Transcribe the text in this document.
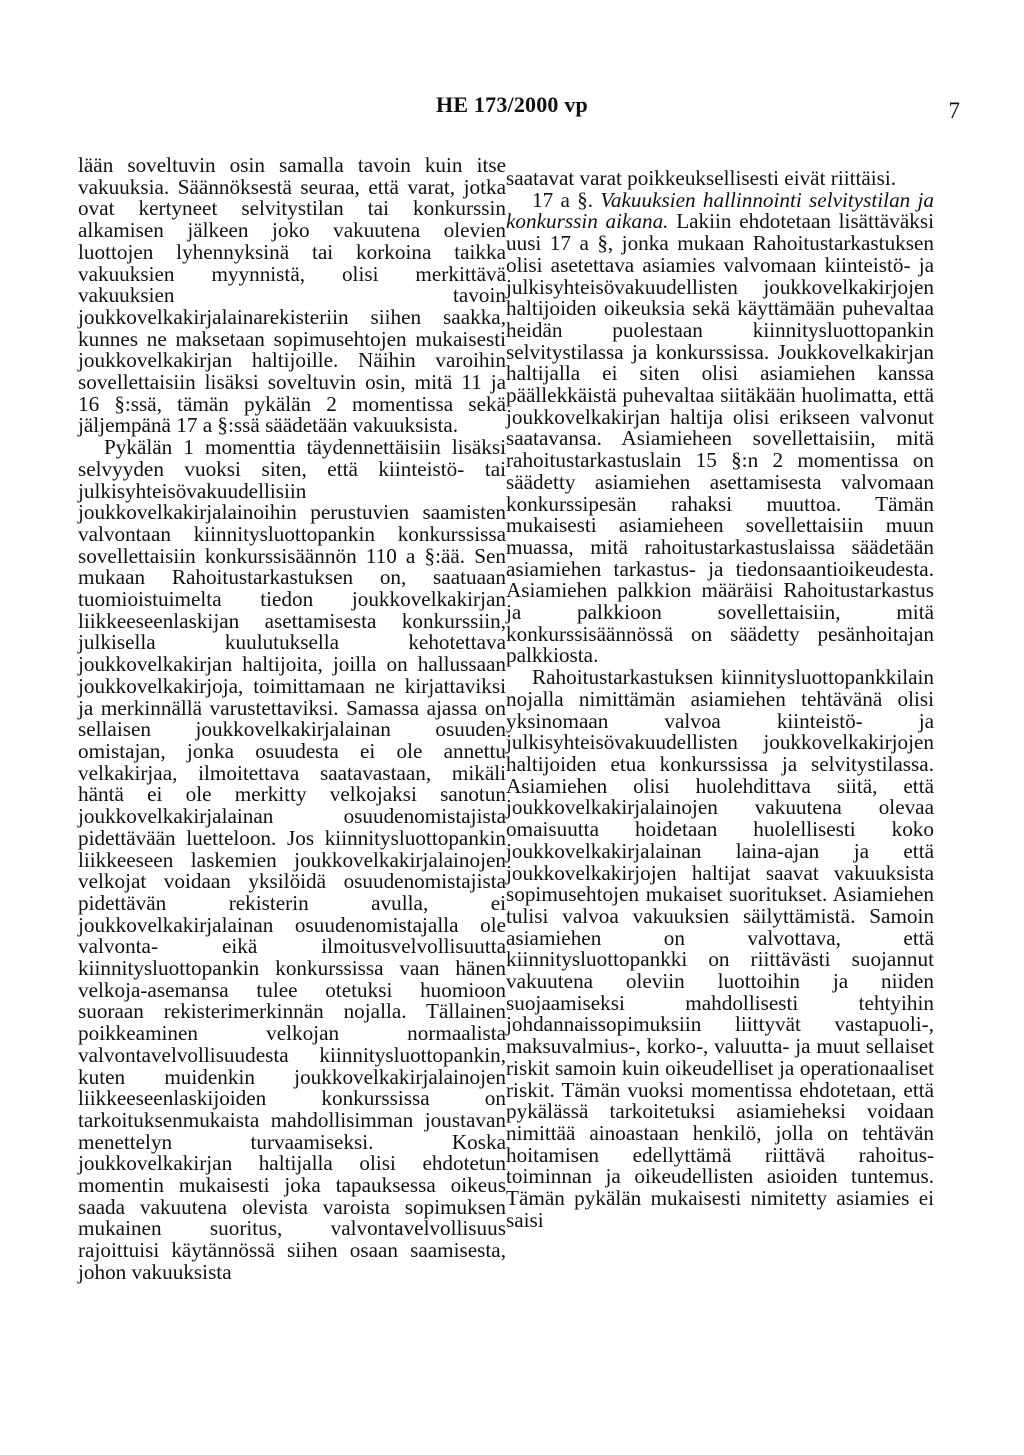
HE 173/2000 vp	7

lään soveltuvin osin samalla tavoin kuin itse vakuuksia. Säännöksestä seuraa, että varat, jotka ovat kertyneet selvitystilan tai konkurssin alkamisen jälkeen joko vakuutena olevien luottojen lyhennyksinä tai korkoina taikka vakuuksien myynnistä, olisi merkittävä vakuuksien tavoin joukkovelkakirjalainarekisteriin siihen saakka, kunnes ne maksetaan sopimusehtojen mukaisesti joukkovelkakirjan haltijoille. Näihin varoihin sovellettaisiin lisäksi soveltuvin osin, mitä 11 ja 16 §:ssä, tämän pykälän 2 momentissa sekä jäljempänä 17 a §:ssä säädetään vakuuksista.

Pykälän 1 momenttia täydennettäisiin lisäksi selvyyden vuoksi siten, että kiinteistö- tai julkisyhteisövakuudellisiin joukkovelkakirjalainoihin perustuvien saamisten valvontaan kiinnitysluottopankin konkurssissa sovellettaisiin konkurssisäännön 110 a §:ää. Sen mukaan Rahoitustarkastuksen on, saatuaan tuomioistuimelta tiedon joukkovelkakirjan liikkeeseenlaskijan asettamisesta konkurssiin, julkisella kuulutuksella kehotettava joukkovelkakirjan haltijoita, joilla on hallussaan joukkovelkakirjoja, toimittamaan ne kirjattaviksi ja merkinnällä varustettaviksi. Samassa ajassa on sellaisen joukkovelkakirjalainan osuuden omistajan, jonka osuudesta ei ole annettu velkakirjaa, ilmoitettava saatavastaan, mikäli häntä ei ole merkitty velkojaksi sanotun joukkovelkakirjalainan osuudenomistajista pidettävään luetteloon. Jos kiinnitysluottopankin liikkeeseen laskemien joukkovelkakirjalainojen velkojat voidaan yksilöidä osuudenomistajista pidettävän rekisterin avulla, ei joukkovelkakirjalainan osuudenomistajalla ole valvonta- eikä ilmoitusvelvollisuutta kiinnitysluottopankin konkurssissa vaan hänen velkoja-asemansa tulee otetuksi huomioon suoraan rekisterimerkinnän nojalla. Tällainen poikkeaminen velkojan normaalista valvontavelvollisuudesta kiinnitysluottopankin, kuten muidenkin joukkovelkakirjalainojen liikkeeseenlaskijoiden konkurssissa on tarkoituksenmukaista mahdollisimman joustavan menettelyn turvaamiseksi. Koska joukkovelkakirjan haltijalla olisi ehdotetun momentin mukaisesti joka tapauksessa oikeus saada vakuutena olevista varoista sopimuksen mukainen suoritus, valvontavelvollisuus rajoittuisi käytännössä siihen osaan saamisesta, johon vakuuksista

saatavat varat poikkeuksellisesti eivät riittäisi.

17 a §. Vakuuksien hallinnointi selvitystilan ja konkurssin aikana. Lakiin ehdotetaan lisättäväksi uusi 17 a §, jonka mukaan Rahoitustarkastuksen olisi asetettava asiamies valvomaan kiinteistö- ja julkisyhteisövakuudellisten joukkovelkakirjojen haltijoiden oikeuksia sekä käyttämään puhevaltaa heidän puolestaan kiinnitysluottopankin selvitystilassa ja konkurssissa. Joukkovelkakirjan haltijalla ei siten olisi asiamiehen kanssa päällekkäistä puhevaltaa siitäkään huolimatta, että joukkovelkakirjan haltija olisi erikseen valvonut saatavansa. Asiamieheen sovellettaisiin, mitä rahoitustarkastuslain 15 §:n 2 momentissa on säädetty asiamiehen asettamisesta valvomaan konkurssipesän rahaksi muuttoa. Tämän mukaisesti asiamieheen sovellettaisiin muun muassa, mitä rahoitustarkastuslaissa säädetään asiamiehen tarkastus- ja tiedonsaantioikeudesta. Asiamiehen palkkion määräisi Rahoitustarkastus ja palkkioon sovellettaisiin, mitä konkurssisäännössä on säädetty pesänhoitajan palkkiosta.

Rahoitustarkastuksen kiinnitysluottopankkilain nojalla nimittämän asiamiehen tehtävänä olisi yksinomaan valvoa kiinteistö- ja julkisyhteisövakuudellisten joukkovelkakirjojen haltijoiden etua konkurssissa ja selvitystilassa. Asiamiehen olisi huolehdittava siitä, että joukkovelkakirjalainojen vakuutena olevaa omaisuutta hoidetaan huolellisesti koko joukkovelkakirjalainan laina-ajan ja että joukkovelkakirjojen haltijat saavat vakuuksista sopimusehtojen mukaiset suoritukset. Asiamiehen tulisi valvoa vakuuksien säilyttämistä. Samoin asiamiehen on valvottava, että kiinnitysluottopankki on riittävästi suojannut vakuutena oleviin luottoihin ja niiden suojaamiseksi mahdollisesti tehtyihin johdannaissopimuksiin liittyvät vastapuoli-, maksuvalmius-, korko-, valuutta- ja muut sellaiset riskit samoin kuin oikeudelliset ja operationaaliset riskit. Tämän vuoksi momentissa ehdotetaan, että pykälässä tarkoitetuksi asiamieheksi voidaan nimittää ainoastaan henkilö, jolla on tehtävän hoitamisen edellyttämä riittävä rahoitus-toiminnan ja oikeudellisten asioiden tuntemus. Tämän pykälän mukaisesti nimitetty asiamies ei saisi
